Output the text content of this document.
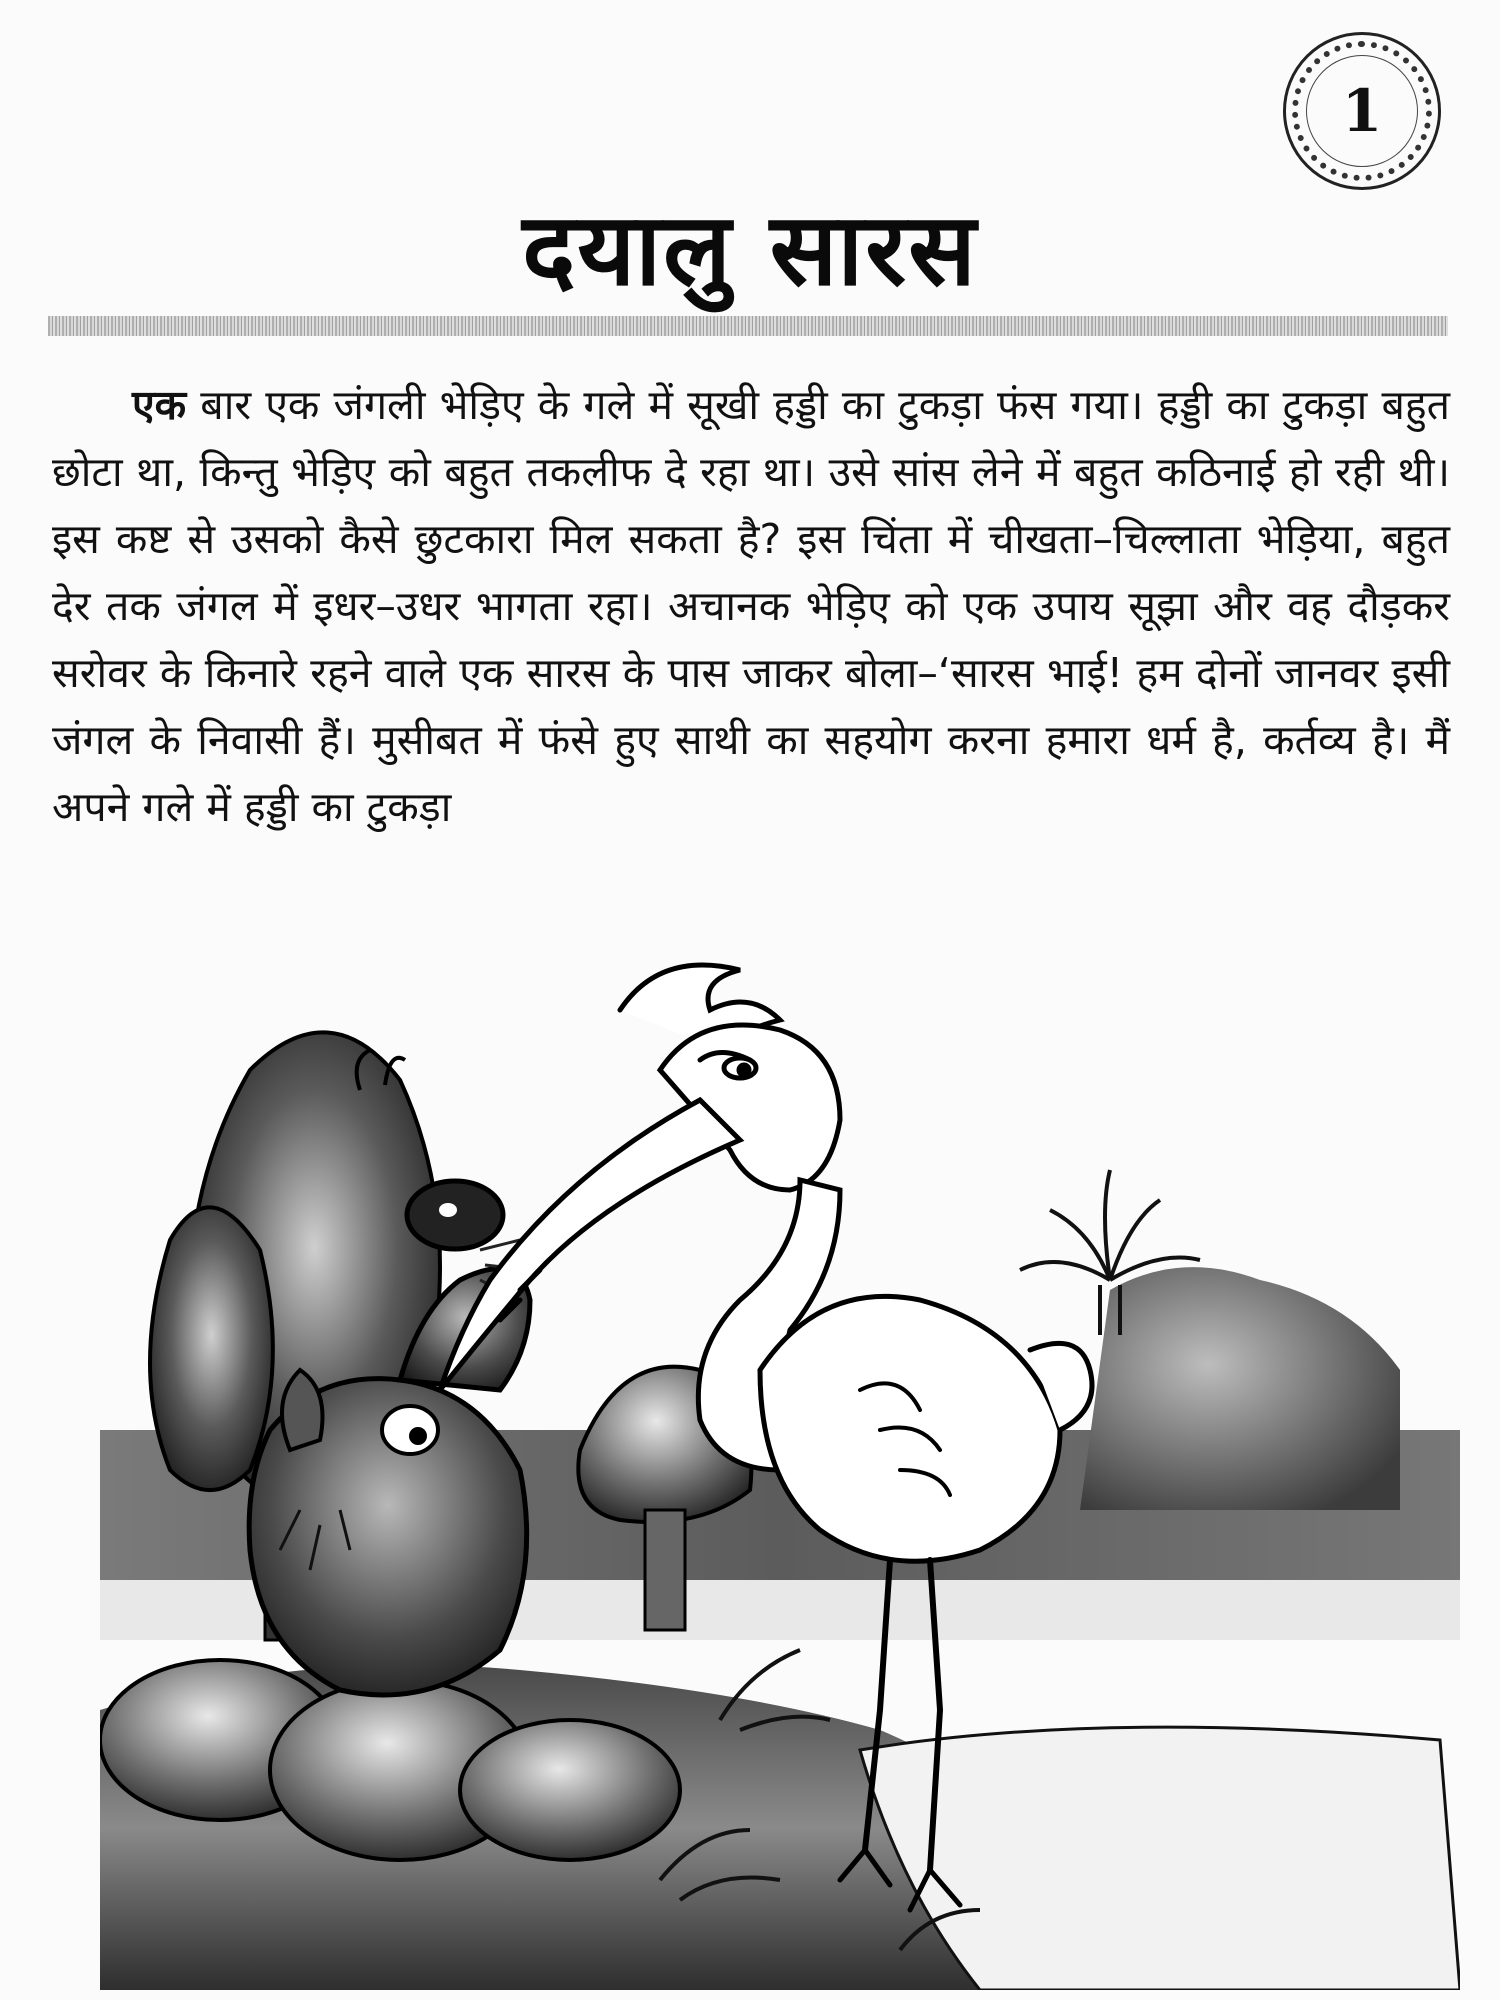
1
दयालु सारस

एक बार एक जंगली भेड़िए के गले में सूखी हड्डी का टुकड़ा फंस गया। हड्डी का टुकड़ा बहुत छोटा था, किन्तु भेड़िए को बहुत तकलीफ दे रहा था। उसे सांस लेने में बहुत कठिनाई हो रही थी। इस कष्ट से उसको कैसे छुटकारा मिल सकता है? इस चिंता में चीखता–चिल्लाता भेड़िया, बहुत देर तक जंगल में इधर–उधर भागता रहा। अचानक भेड़िए को एक उपाय सूझा और वह दौड़कर सरोवर के किनारे रहने वाले एक सारस के पास जाकर बोला–‘सारस भाई! हम दोनों जानवर इसी जंगल के निवासी हैं। मुसीबत में फंसे हुए साथी का सहयोग करना हमारा धर्म है, कर्तव्य है। मैं अपने गले में हड्डी का टुकड़ा
